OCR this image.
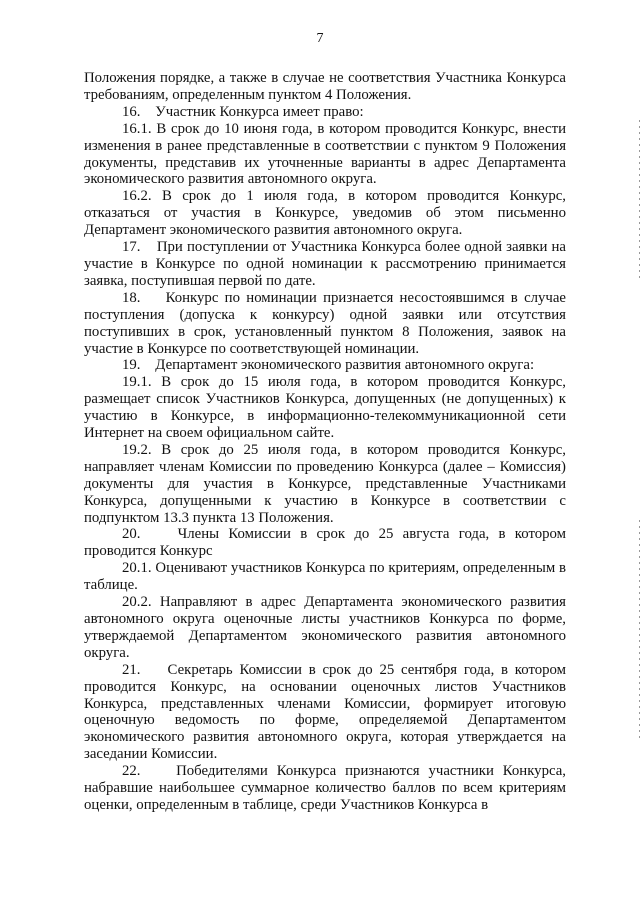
7

Положения порядке, а также в случае не соответствия Участника Конкурса требованиям, определенным пунктом 4 Положения.

16.    Участник Конкурса имеет право:

16.1. В срок до 10 июня года, в котором проводится Конкурс, внести изменения в ранее представленные в соответствии с пунктом 9 Положения документы, представив их уточненные варианты в адрес Департамента экономического развития автономного округа.

16.2. В срок до 1 июля года, в котором проводится Конкурс, отказаться от участия в Конкурсе, уведомив об этом письменно Департамент экономического развития автономного округа.

17.    При поступлении от Участника Конкурса более одной заявки на участие в Конкурсе по одной номинации к рассмотрению принимается заявка, поступившая первой по дате.

18.    Конкурс по номинации признается несостоявшимся в случае поступления (допуска к конкурсу) одной заявки или отсутствия поступивших в срок, установленный пунктом 8 Положения, заявок на участие в Конкурсе по соответствующей номинации.

19.    Департамент экономического развития автономного округа:

19.1. В срок до 15 июля года, в котором проводится Конкурс, размещает список Участников Конкурса, допущенных (не допущенных) к участию в Конкурсе, в информационно-телекоммуникационной сети Интернет на своем официальном сайте.

19.2. В срок до 25 июля года, в котором проводится Конкурс, направляет членам Комиссии по проведению Конкурса (далее – Комиссия) документы для участия в Конкурсе, представленные Участниками Конкурса, допущенными к участию в Конкурсе в соответствии с подпунктом 13.3 пункта 13 Положения.

20.    Члены Комиссии в срок до 25 августа года, в котором проводится Конкурс

20.1. Оценивают участников Конкурса по критериям, определенным в таблице.

20.2. Направляют в адрес Департамента экономического развития автономного округа оценочные листы участников Конкурса по форме, утверждаемой Департаментом экономического развития автономного округа.

21.    Секретарь Комиссии в срок до 25 сентября года, в котором проводится Конкурс, на основании оценочных листов Участников Конкурса, представленных членами Комиссии, формирует итоговую оценочную ведомость по форме, определяемой Департаментом экономического развития автономного округа, которая утверждается на заседании Комиссии.

22.    Победителями Конкурса признаются участники Конкурса, набравшие наибольшее суммарное количество баллов по всем критериям оценки, определенным в таблице, среди Участников Конкурса в
